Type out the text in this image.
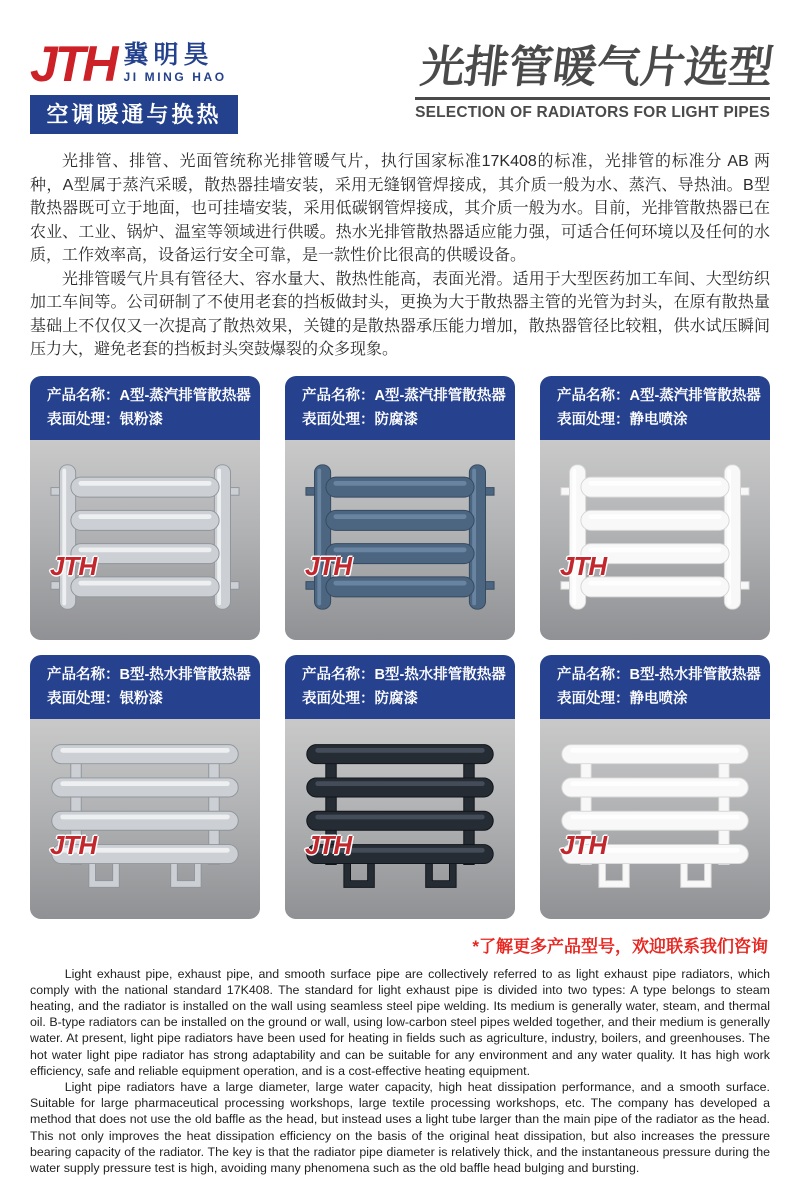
JTH 冀明昊
JI MING HAO
空调暖通与换热
光排管暖气片选型
SELECTION OF RADIATORS FOR LIGHT PIPES

光排管、排管、光面管统称光排管暖气片，执行国家标准17K408的标准，光排管的标准分 AB 两种，A型属于蒸汽采暖，散热器挂墙安装，采用无缝钢管焊接成，其介质一般为水、蒸汽、导热油。B型散热器既可立于地面，也可挂墙安装，采用低碳钢管焊接成，其介质一般为水。目前，光排管散热器已在农业、工业、锅炉、温室等领域进行供暖。热水光排管散热器适应能力强，可适合任何环境以及任何的水质，工作效率高，设备运行安全可靠，是一款性价比很高的供暖设备。

光排管暖气片具有管径大、容水量大、散热性能高，表面光滑。适用于大型医药加工车间、大型纺织加工车间等。公司研制了不使用老套的挡板做封头，更换为大于散热器主管的光管为封头，在原有散热量基础上不仅仅又一次提高了散热效果，关键的是散热器承压能力增加，散热器管径比较粗，供水试压瞬间压力大，避免老套的挡板封头突鼓爆裂的众多现象。

产品名称：A型-蒸汽排管散热器
表面处理：银粉漆
JTH
产品名称：A型-蒸汽排管散热器
表面处理：防腐漆
JTH
产品名称：A型-蒸汽排管散热器
表面处理：静电喷涂
JTH
产品名称：B型-热水排管散热器
表面处理：银粉漆
JTH
产品名称：B型-热水排管散热器
表面处理：防腐漆
JTH
产品名称：B型-热水排管散热器
表面处理：静电喷涂
JTH
*了解更多产品型号，欢迎联系我们咨询

Light exhaust pipe, exhaust pipe, and smooth surface pipe are collectively referred to as light exhaust pipe radiators, which comply with the national standard 17K408. The standard for light exhaust pipe is divided into two types: A type belongs to steam heating, and the radiator is installed on the wall using seamless steel pipe welding. Its medium is generally water, steam, and thermal oil. B-type radiators can be installed on the ground or wall, using low-carbon steel pipes welded together, and their medium is generally water. At present, light pipe radiators have been used for heating in fields such as agriculture, industry, boilers, and greenhouses. The hot water light pipe radiator has strong adaptability and can be suitable for any environment and any water quality. It has high work efficiency, safe and reliable equipment operation, and is a cost-effective heating equipment.

Light pipe radiators have a large diameter, large water capacity, high heat dissipation performance, and a smooth surface. Suitable for large pharmaceutical processing workshops, large textile processing workshops, etc. The company has developed a method that does not use the old baffle as the head, but instead uses a light tube larger than the main pipe of the radiator as the head. This not only improves the heat dissipation efficiency on the basis of the original heat dissipation, but also increases the pressure bearing capacity of the radiator. The key is that the radiator pipe diameter is relatively thick, and the instantaneous pressure during the water supply pressure test is high, avoiding many phenomena such as the old baffle head bulging and bursting.
